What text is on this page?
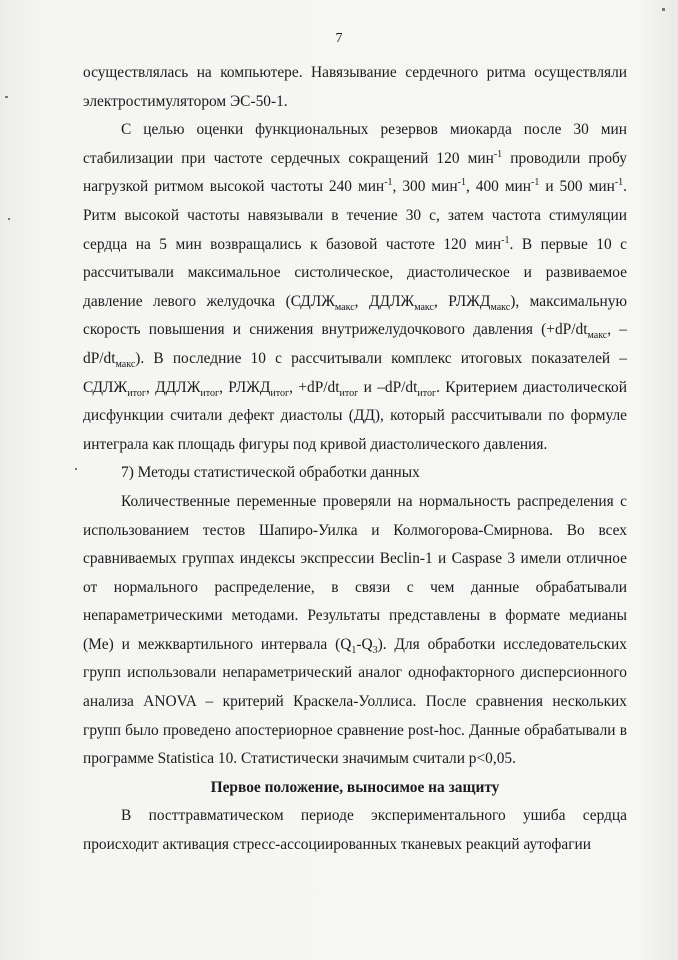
7

осуществлялась на компьютере. Навязывание сердечного ритма осуществляли электростимулятором ЭС-50-1.

С целью оценки функциональных резервов миокарда после 30 мин стабилизации при частоте сердечных сокращений 120 мин$^{-1}$ проводили пробу нагрузкой ритмом высокой частоты 240 мин$^{-1}$, 300 мин$^{-1}$, 400 мин$^{-1}$ и 500 мин$^{-1}$. Ритм высокой частоты навязывали в течение 30 с, затем частота стимуляции сердца на 5 мин возвращались к базовой частоте 120 мин$^{-1}$. В первые 10 с рассчитывали максимальное систолическое, диастолическое и развиваемое давление левого желудочка ($СДЛЖ_{макс}$, $ДДЛЖ_{макс}$, $РЛЖД_{макс}$), максимальную скорость повышения и снижения внутрижелудочкового давления ($+dP/dt_{макс}$, $-dP/dt_{макс}$). В последние 10 с рассчитывали комплекс итоговых показателей – $СДЛЖ_{итог}$, $ДДЛЖ_{итог}$, $РЛЖД_{итог}$, $+dP/dt_{итог}$ и $-dP/dt_{итог}$. Критерием диастолической дисфункции считали дефект диастолы (ДД), который рассчитывали по формуле интеграла как площадь фигуры под кривой диастолического давления.

7) Методы статистической обработки данных

Количественные переменные проверяли на нормальность распределения с использованием тестов Шапиро-Уилка и Колмогорова-Смирнова. Во всех сравниваемых группах индексы экспрессии Beclin-1 и Caspase 3 имели отличное от нормального распределение, в связи с чем данные обрабатывали непараметрическими методами. Результаты представлены в формате медианы (Me) и межквартильного интервала $(Q_1-Q_3)$. Для обработки исследовательских групп использовали непараметрический аналог однофакторного дисперсионного анализа ANOVA – критерий Краскела-Уоллиса. После сравнения нескольких групп было проведено апостериорное сравнение post-hoc. Данные обрабатывали в программе Statistica 10. Статистически значимым считали p<0,05.

Первое положение, выносимое на защиту

В посттравматическом периоде экспериментального ушиба сердца происходит активация стресс-ассоциированных тканевых реакций аутофагии
